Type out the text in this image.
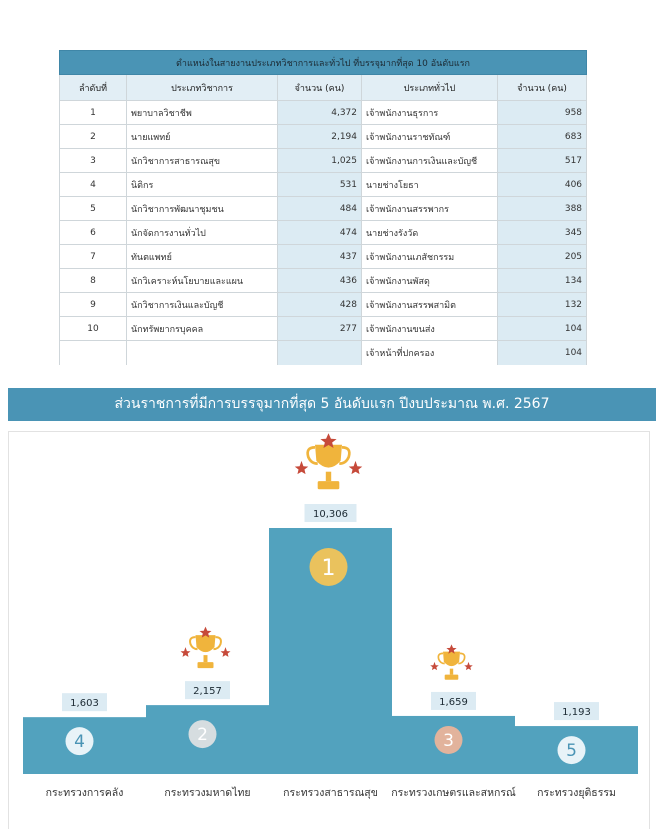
ตำแหน่งในสายงานประเภทวิชาการและทั่วไป ที่บรรจุมากที่สุด 10 อันดับแรก				
ลำดับที่	ประเภทวิชาการ	จำนวน (คน)	ประเภททั่วไป	จำนวน (คน)
1	พยาบาลวิชาชีพ	4,372	เจ้าพนักงานธุรการ	958
2	นายแพทย์	2,194	เจ้าพนักงานราชทัณฑ์	683
3	นักวิชาการสาธารณสุข	1,025	เจ้าพนักงานการเงินและบัญชี	517
4	นิติกร	531	นายช่างโยธา	406
5	นักวิชาการพัฒนาชุมชน	484	เจ้าพนักงานสรรพากร	388
6	นักจัดการงานทั่วไป	474	นายช่างรังวัด	345
7	ทันตแพทย์	437	เจ้าพนักงานเภสัชกรรม	205
8	นักวิเคราะห์นโยบายและแผน	436	เจ้าพนักงานพัสดุ	134
9	นักวิชาการเงินและบัญชี	428	เจ้าพนักงานสรรพสามิต	132
10	นักทรัพยากรบุคคล	277	เจ้าพนักงานขนส่ง	104
			เจ้าหน้าที่ปกครอง	104
ส่วนราชการที่มีการบรรจุมากที่สุด 5 อันดับแรก ปีงบประมาณ พ.ศ. 2567
1,603
4
กระทรวงการคลัง
2,157
2
กระทรวงมหาดไทย
10,306
1
กระทรวงสาธารณสุข
1,659
3
กระทรวงเกษตรและสหกรณ์
1,193
5
กระทรวงยุติธรรม
